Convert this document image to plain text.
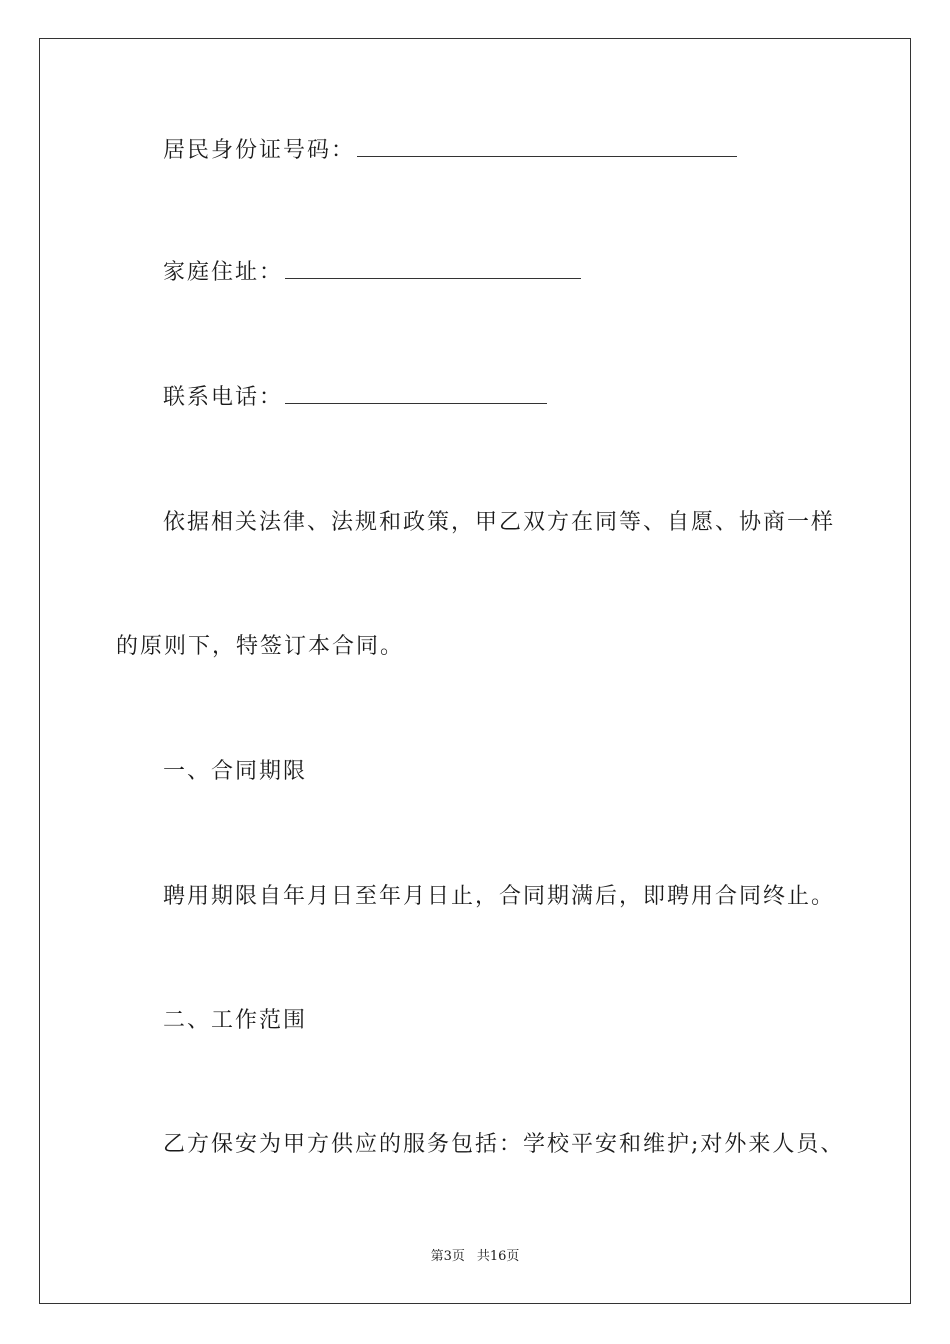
居民身份证号码：
家庭住址：
联系电话：
依据相关法律、法规和政策，甲乙双方在同等、自愿、协商一样
的原则下，特签订本合同。
一、合同期限
聘用期限自年月日至年月日止，合同期满后，即聘用合同终止。
二、工作范围
乙方保安为甲方供应的服务包括：学校平安和维护;对外来人员、
第3页 共16页
